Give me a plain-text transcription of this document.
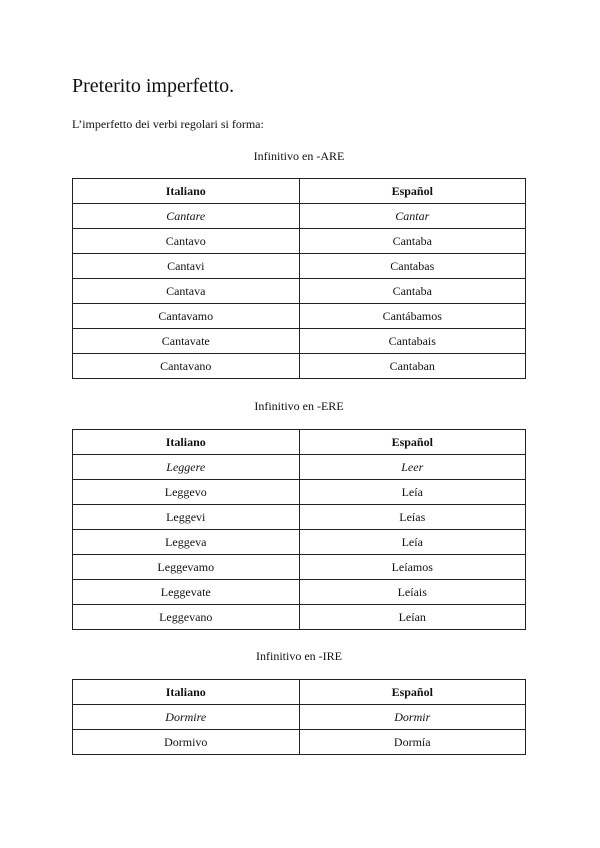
Preterito imperfetto.

L’imperfetto dei verbi regolari si forma:

Infinitivo en -ARE

Italiano	Español
Cantare	Cantar
Cantavo	Cantaba
Cantavi	Cantabas
Cantava	Cantaba
Cantavamo	Cantábamos
Cantavate	Cantabais
Cantavano	Cantaban

Infinitivo en -ERE

Italiano	Español
Leggere	Leer
Leggevo	Leía
Leggevi	Leías
Leggeva	Leía
Leggevamo	Leíamos
Leggevate	Leíais
Leggevano	Leían

Infinitivo en -IRE

Italiano	Español
Dormire	Dormir
Dormivo	Dormía
